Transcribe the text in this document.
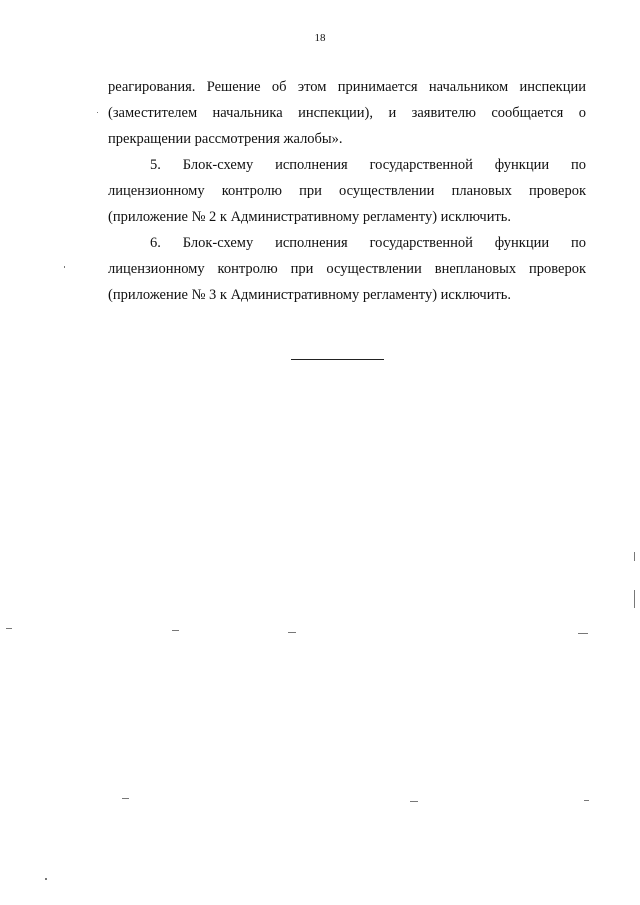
18

реагирования. Решение об этом принимается начальником инспекции (заместителем начальника инспекции), и заявителю сообщается о прекращении рассмотрения жалобы».

5. Блок-схему исполнения государственной функции по лицензионному контролю при осуществлении плановых проверок (приложение № 2 к Административному регламенту) исключить.

6. Блок-схему исполнения государственной функции по лицензионному контролю при осуществлении внеплановых проверок (приложение № 3 к Административному регламенту) исключить.
